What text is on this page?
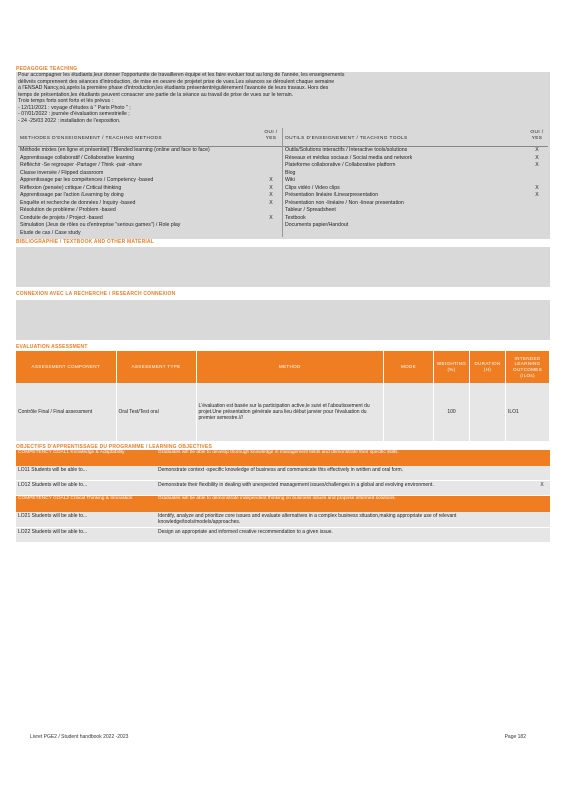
PEDAGOGIE TEACHING

Pour accompagner les étudiants,leur donner l'opportunite de travailleren équipe et les faire evoluer tout au long de l'année, les enseignements

délivrés comprennent des séances d'introduction, de mise en oeuvre de projetet prise de vues.Les séances se déroulent chaque semaine

à l'ENSAD Nancy,où,après la première phase d'introduction,les étudiants présententrégulièrement l'avancée de leurs travaux. Hors des

temps de présentation,les étudiants peuvent consacrer une partie de la séance au travail de prise de vues sur le terrain.

Trois temps forts sont forts et lés prévus :

- 12/11/2021 : voyage d'études à " Paris Photo " ;

- 07/01/2022 : journée d'évaluation semestrielle ;

- 24 -25/03 2022 : installation de l'exposition.

METHODES D'ENSEIGNEMENT / TEACHING METHODS
OUI / YES
Méthode mixtes (en ligne et présentiel) / Blended learning (online and face to face)
Apprentissage collaboratif / Collaborative learning
Réfléchir -Se regrouper -Partager / Think -pair -share
Classe inversée / Flipped classroom
Apprentissage par les compétences / Competency -based	X
Réflexion (pensée) critique / Critical thinking	X
Apprentissage par l'action /Learning by doing	X
Enquête et recherche de données / Inquiry -based	X
Résolution de problème / Problem -based
Conduite de projets / Project -based	X
Simulation (Jeux de rôles ou d'entreprise "serious games") / Role play
Etude de cas / Case study
OUTILS D'ENSEIGNEMENT / TEACHING TOOLS
OUI / YES
Outils/Solutions interactifs / Interactive tools/solutions	X
Réseaux et médias sociaux / Social media and network	X
Plateforme collaborative / Collaborative platform	X
Blog
Wiki
Clips vidéo / Video clips	X
Présentation linéaire /Linearpresentation	X
Présentation non -linéaire / Non -linear presentation
Tableur / Spreadsheet
Textbook
Documents papier/Handout
BIBLIOGRAPHIE / TEXTBOOK AND OTHER MATERIAL
CONNEXION AVEC LA RECHERCHE / RESEARCH CONNEXION
EVALUATION ASSESSMENT
ASSESSMENT COMPONENT	ASSESSMENT TYPE	METHOD	MODE	WEIGHTING (%)	DURATION (H)	INTENDED LEARNING OUTCOMES (ILOs)
Contrôle Final / Final assessment	Oral Test/Test oral	L'évaluation est basée sur la participation active,le suivi et l'aboutissement du projet.Une présentation générale aura lieu début janvier pour l'évaluation du premier semestre.///		100		ILO1
OBJECTIFS D'APPRENTISSAGE DU PROGRAMME / LEARNING OBJECTIVES
COMPETENCY GOAL1 Knowledge & Adaptability	Graduates will be able to develop thorough knowledge in management fields and demonstrate their specific skills.
LO11 Students will be able to...	Demonstrate context -specific knowledge of business and communicate this effectively in written and oral form.
LO12 Students will be able to...	Demonstrate their flexibility in dealing with unexpected management issues/challenges in a global and evolving environment.	X
COMPETENCY GOAL2 Critical Thinking & Innovation	Graduates will be able to demonstrate independent thinking on business issues and propose informed solutions.
LO21 Students will be able to...	Identify, analyze and prioritize core issues and evaluate alternatives in a complex business situation,making appropriate use of relevant knowledge/tools/models/approaches.
LO22 Students will be able to...	Design an appropriate and informed creative recommendation to a given issue.
Livret PGE2 / Student handbook 2022 -2023	Page 182
